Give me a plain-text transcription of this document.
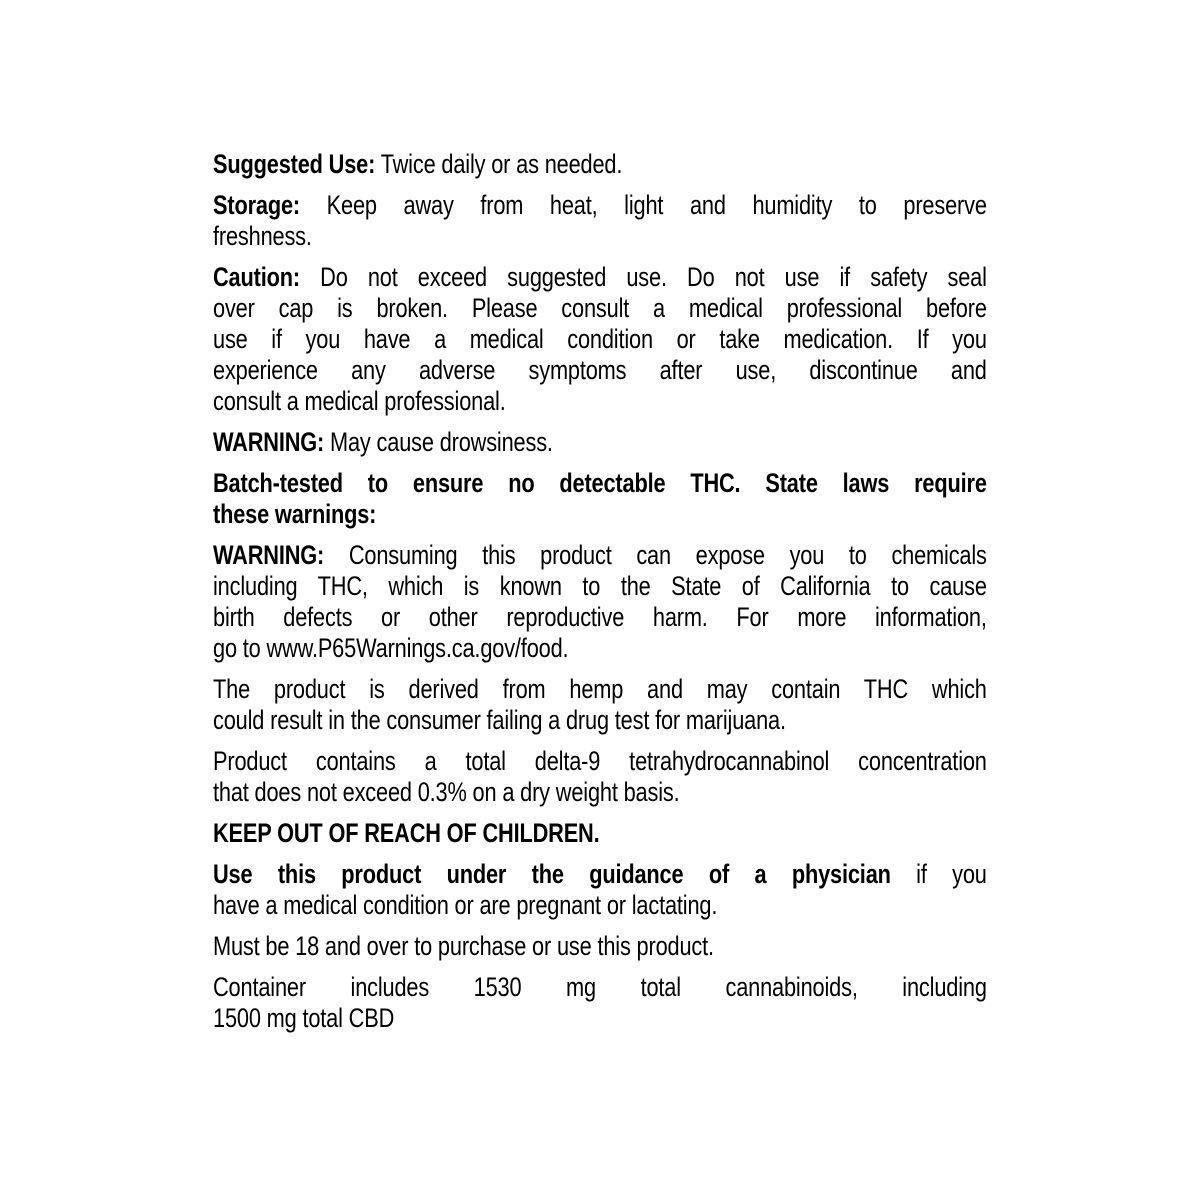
Suggested Use: Twice daily or as needed.
Storage: Keep away from heat, light and humidity to preserve
freshness.
Caution: Do not exceed suggested use. Do not use if safety seal
over cap is broken. Please consult a medical professional before
use if you have a medical condition or take medication. If you
experience any adverse symptoms after use, discontinue and
consult a medical professional.
WARNING: May cause drowsiness.
Batch-tested to ensure no detectable THC. State laws require
these warnings:
WARNING: Consuming this product can expose you to chemicals
including THC, which is known to the State of California to cause
birth defects or other reproductive harm. For more information,
go to www.P65Warnings.ca.gov/food.
The product is derived from hemp and may contain THC which
could result in the consumer failing a drug test for marijuana.
Product contains a total delta-9 tetrahydrocannabinol concentration
that does not exceed 0.3% on a dry weight basis.
KEEP OUT OF REACH OF CHILDREN.
Use this product under the guidance of a physician if you
have a medical condition or are pregnant or lactating.
Must be 18 and over to purchase or use this product.
Container includes 1530 mg total cannabinoids, including
1500 mg total CBD
